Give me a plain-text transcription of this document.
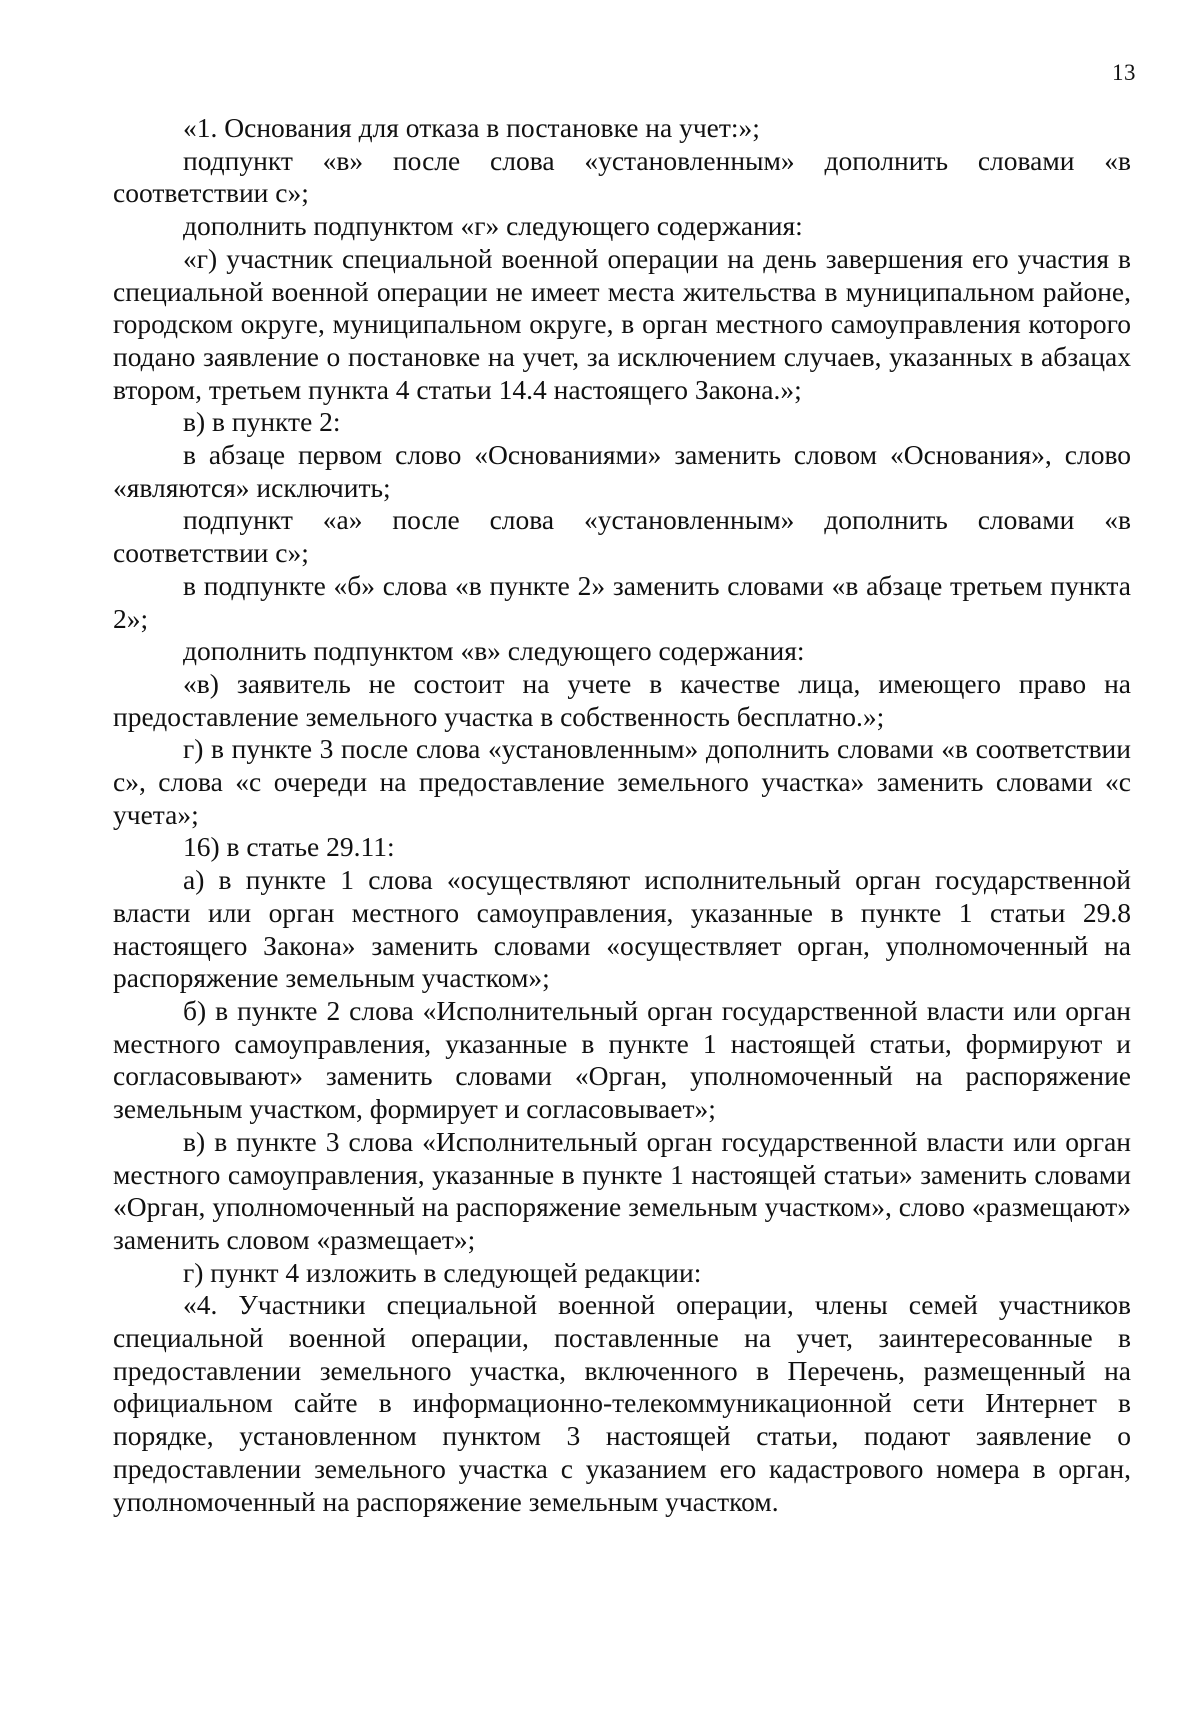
13

«1. Основания для отказа в постановке на учет:»;

подпункт «в» после слова «установленным» дополнить словами «в соответствии с»;

дополнить подпунктом «г» следующего содержания:

«г) участник специальной военной операции на день завершения его участия в специальной военной операции не имеет места жительства в муниципальном районе, городском округе, муниципальном округе, в орган местного самоуправления которого подано заявление о постановке на учет, за исключением случаев, указанных в абзацах втором, третьем пункта 4 статьи 14.4 настоящего Закона.»;

в) в пункте 2:

в абзаце первом слово «Основаниями» заменить словом «Основания», слово «являются» исключить;

подпункт «а» после слова «установленным» дополнить словами «в соответствии с»;

в подпункте «б» слова «в пункте 2» заменить словами «в абзаце третьем пункта 2»;

дополнить подпунктом «в» следующего содержания:

«в) заявитель не состоит на учете в качестве лица, имеющего право на предоставление земельного участка в собственность бесплатно.»;

г) в пункте 3 после слова «установленным» дополнить словами «в соответствии с», слова «с очереди на предоставление земельного участка» заменить словами «с учета»;

16) в статье 29.11:

а) в пункте 1 слова «осуществляют исполнительный орган государственной власти или орган местного самоуправления, указанные в пункте 1 статьи 29.8 настоящего Закона» заменить словами «осуществляет орган, уполномоченный на распоряжение земельным участком»;

б) в пункте 2 слова «Исполнительный орган государственной власти или орган местного самоуправления, указанные в пункте 1 настоящей статьи, формируют и согласовывают» заменить словами «Орган, уполномоченный на распоряжение земельным участком, формирует и согласовывает»;

в) в пункте 3 слова «Исполнительный орган государственной власти или орган местного самоуправления, указанные в пункте 1 настоящей статьи» заменить словами «Орган, уполномоченный на распоряжение земельным участком», слово «размещают» заменить словом «размещает»;

г) пункт 4 изложить в следующей редакции:

«4. Участники специальной военной операции, члены семей участников специальной военной операции, поставленные на учет, заинтересованные в предоставлении земельного участка, включенного в Перечень, размещенный на официальном сайте в информационно-телекоммуникационной сети Интернет в порядке, установленном пунктом 3 настоящей статьи, подают заявление о предоставлении земельного участка с указанием его кадастрового номера в орган, уполномоченный на распоряжение земельным участком.
